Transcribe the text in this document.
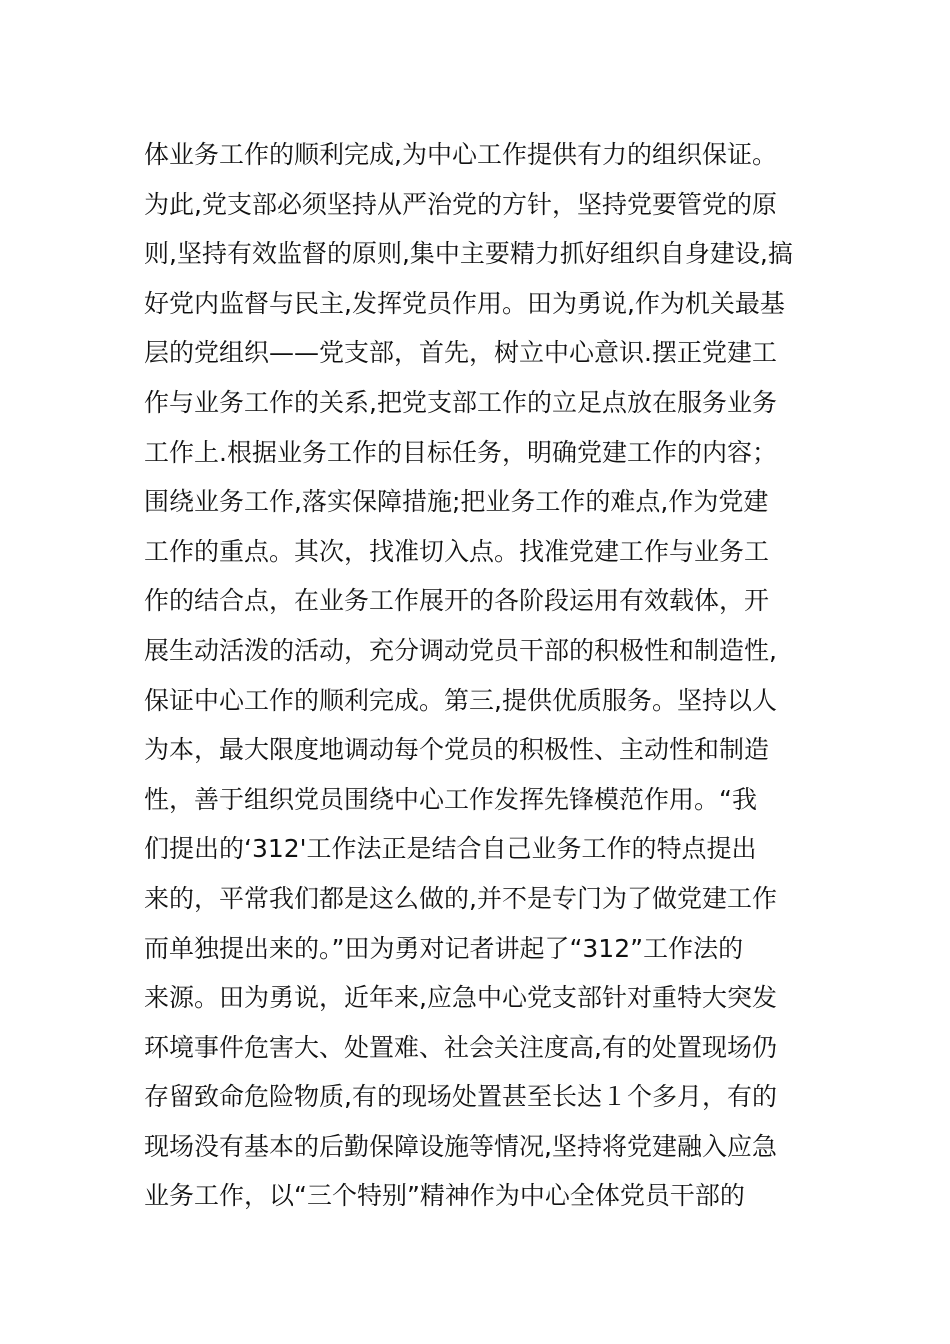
体业务工作的顺利完成,为中心工作提供有力的组织保证。
为此,党支部必须坚持从严治党的方针，坚持党要管党的原
则,坚持有效监督的原则,集中主要精力抓好组织自身建设,搞
好党内监督与民主,发挥党员作用。田为勇说,作为机关最基
层的党组织——党支部，首先，树立中心意识.摆正党建工
作与业务工作的关系,把党支部工作的立足点放在服务业务
工作上.根据业务工作的目标任务，明确党建工作的内容；
围绕业务工作,落实保障措施;把业务工作的难点,作为党建
工作的重点。其次，找准切入点。找准党建工作与业务工
作的结合点，在业务工作展开的各阶段运用有效载体，开
展生动活泼的活动，充分调动党员干部的积极性和制造性,
保证中心工作的顺利完成。第三,提供优质服务。坚持以人
为本，最大限度地调动每个党员的积极性、主动性和制造
性，善于组织党员围绕中心工作发挥先锋模范作用。“我
们提出的‘312'工作法正是结合自己业务工作的特点提出
来的，平常我们都是这么做的,并不是专门为了做党建工作
而单独提出来的。”田为勇对记者讲起了“312”工作法的
来源。田为勇说，近年来,应急中心党支部针对重特大突发
环境事件危害大、处置难、社会关注度高,有的处置现场仍
存留致命危险物质,有的现场处置甚至长达１个多月，有的
现场没有基本的后勤保障设施等情况,坚持将党建融入应急
业务工作，以“三个特别”精神作为中心全体党员干部的
